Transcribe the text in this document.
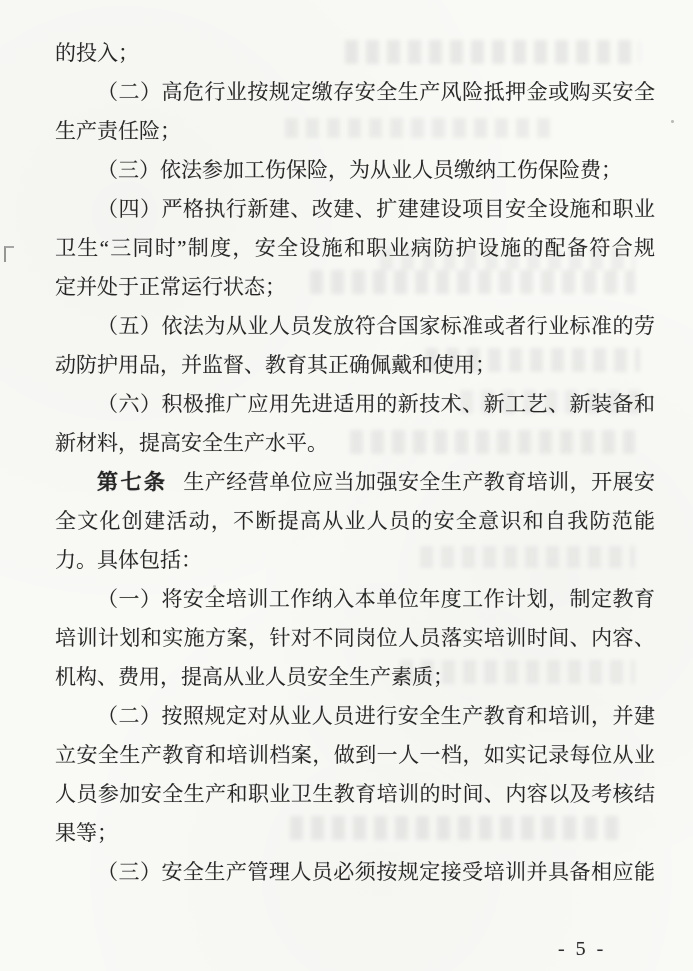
的投入；
（二）高危行业按规定缴存安全生产风险抵押金或购买安全
生产责任险；
（三）依法参加工伤保险，为从业人员缴纳工伤保险费；
（四）严格执行新建、改建、扩建建设项目安全设施和职业
卫生“三同时”制度，安全设施和职业病防护设施的配备符合规
定并处于正常运行状态；
（五）依法为从业人员发放符合国家标准或者行业标准的劳
动防护用品，并监督、教育其正确佩戴和使用；
（六）积极推广应用先进适用的新技术、新工艺、新装备和
新材料，提高安全生产水平。
第七条 生产经营单位应当加强安全生产教育培训，开展安
全文化创建活动，不断提高从业人员的安全意识和自我防范能
力。具体包括：
（一）将安全培训工作纳入本单位年度工作计划，制定教育
培训计划和实施方案，针对不同岗位人员落实培训时间、内容、
机构、费用，提高从业人员安全生产素质；
（二）按照规定对从业人员进行安全生产教育和培训，并建
立安全生产教育和培训档案，做到一人一档，如实记录每位从业
人员参加安全生产和职业卫生教育培训的时间、内容以及考核结
果等；
（三）安全生产管理人员必须按规定接受培训并具备相应能
- 5 -
